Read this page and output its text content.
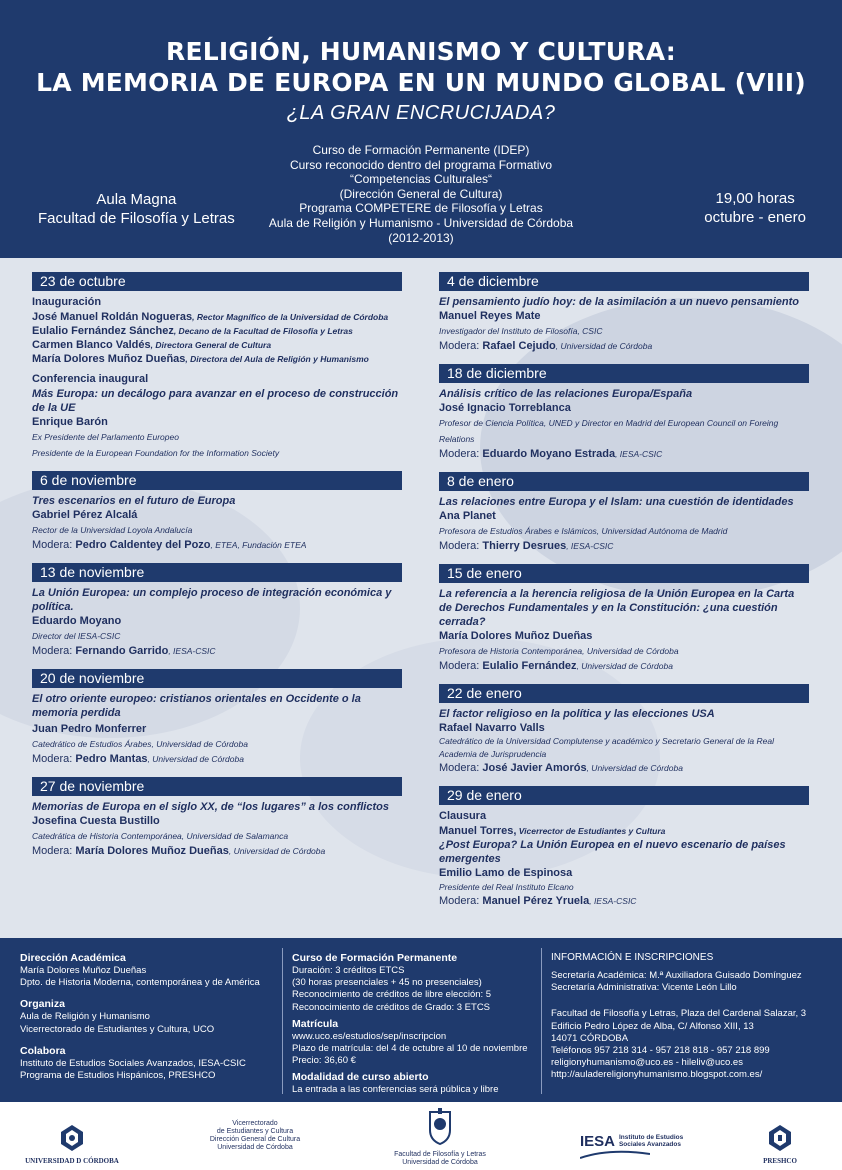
RELIGIÓN, HUMANISMO Y CULTURA:
LA MEMORIA DE EUROPA EN UN MUNDO GLOBAL (VIII)
¿LA GRAN ENCRUCIJADA?
Curso de Formación Permanente (IDEP)
Curso reconocido dentro del programa Formativo
“Competencias Culturales“
(Dirección General de Cultura)
Programa COMPETERE de Filosofía y Letras
Aula de Religión y Humanismo - Universidad de Córdoba
(2012-2013)
Aula Magna
Facultad de Filosofía y Letras
19,00 horas
octubre - enero
23 de octubre
Inauguración
José Manuel Roldán Nogueras, Rector Magnífico de la Universidad de Córdoba
Eulalio Fernández Sánchez, Decano de la Facultad de Filosofía y Letras
Carmen Blanco Valdés, Directora General de Cultura
María Dolores Muñoz Dueñas, Directora del Aula de Religión y Humanismo
Conferencia inaugural
Más Europa: un decálogo para avanzar en el proceso de construcción de la UE
Enrique Barón
Ex Presidente del Parlamento Europeo
Presidente de la European Foundation for the Information Society
6 de noviembre
Tres escenarios en el futuro de Europa
Gabriel Pérez Alcalá
Rector de la Universidad Loyola Andalucía
Modera: Pedro Caldentey del Pozo, ETEA, Fundación ETEA
13 de noviembre
La Unión Europea: un complejo proceso de integración económica y política.
Eduardo Moyano
Director del IESA-CSIC
Modera: Fernando Garrido, IESA-CSIC
20 de noviembre
El otro oriente europeo: cristianos orientales en Occidente o la memoria perdida
Juan Pedro Monferrer
Catedrático de Estudios Árabes, Universidad de Córdoba
Modera: Pedro Mantas, Universidad de Córdoba
27 de noviembre
Memorias de Europa en el siglo XX, de “los lugares” a los conflictos
Josefina Cuesta Bustillo
Catedrática de Historia Contemporánea, Universidad de Salamanca
Modera: María Dolores Muñoz Dueñas, Universidad de Córdoba
4 de diciembre
El pensamiento judío hoy: de la asimilación a un nuevo pensamiento
Manuel Reyes Mate
Investigador del Instituto de Filosofía, CSIC
Modera: Rafael Cejudo, Universidad de Córdoba
18 de diciembre
Análisis crítico de las relaciones Europa/España
José Ignacio Torreblanca
Profesor de Ciencia Política, UNED y Director en Madrid del European Council on Foreing Relations
Modera: Eduardo Moyano Estrada, IESA-CSIC
8 de enero
Las relaciones entre Europa y el Islam: una cuestión de identidades
Ana Planet
Profesora de Estudios Árabes e Islámicos, Universidad Autónoma de Madrid
Modera: Thierry Desrues, IESA-CSIC
15 de enero
La referencia a la herencia religiosa de la Unión Europea en la Carta de Derechos Fundamentales y en la Constitución: ¿una cuestión cerrada?
María Dolores Muñoz Dueñas
Profesora de Historia Contemporánea, Universidad de Córdoba
Modera: Eulalio Fernández, Universidad de Córdoba
22 de enero
El factor religioso en la política y las elecciones USA
Rafael Navarro Valls
Catedrático de la Universidad Complutense y académico y Secretario General de la Real Academia de Jurisprudencia
Modera: José Javier Amorós, Universidad de Córdoba
29 de enero
Clausura
Manuel Torres, Vicerrector de Estudiantes y Cultura
¿Post Europa? La Unión Europea en el nuevo escenario de países emergentes
Emilio Lamo de Espinosa
Presidente del Real Instituto Elcano
Modera: Manuel Pérez Yruela, IESA-CSIC
Dirección Académica
María Dolores Muñoz Dueñas
Dpto. de Historia Moderna, contemporánea y de América
Organiza
Aula de Religión y Humanismo
Vicerrectorado de Estudiantes y Cultura, UCO
Colabora
Instituto de Estudios Sociales Avanzados, IESA-CSIC
Programa de Estudios Hispánicos, PRESHCO
Curso de Formación Permanente
Duración: 3 créditos ETCS
(30 horas presenciales + 45 no presenciales)
Reconocimiento de créditos de libre elección: 5
Reconocimiento de créditos de Grado: 3 ETCS
Matrícula
www.uco.es/estudios/sep/inscripcion
Plazo de matrícula: del 4 de octubre al 10 de noviembre
Precio: 36,60 €
Modalidad de curso abierto
La entrada a las conferencias será pública y libre
INFORMACIÓN E INSCRIPCIONES
Secretaría Académica: M.ª Auxiliadora Guisado Domínguez
Secretaría Administrativa: Vicente León Lillo
Facultad de Filosofía y Letras, Plaza del Cardenal Salazar, 3
Edificio Pedro López de Alba, C/ Alfonso XIII, 13
14071 CÓRDOBA
Teléfonos 957 218 314 - 957 218 818 - 957 218 899
religionyhumanismo@uco.es - hileliv@uco.es
http://auladereligionyhumanismo.blogspot.com.es/
UNIVERSIDAD D CÓRDOBA
Vicerrectorado
de Estudiantes y Cultura
Dirección General de Cultura
Universidad de Córdoba
Facultad de Filosofía y Letras
Universidad de Córdoba
IESA Instituto de Estudios
Sociales Avanzados
PRESHCO
